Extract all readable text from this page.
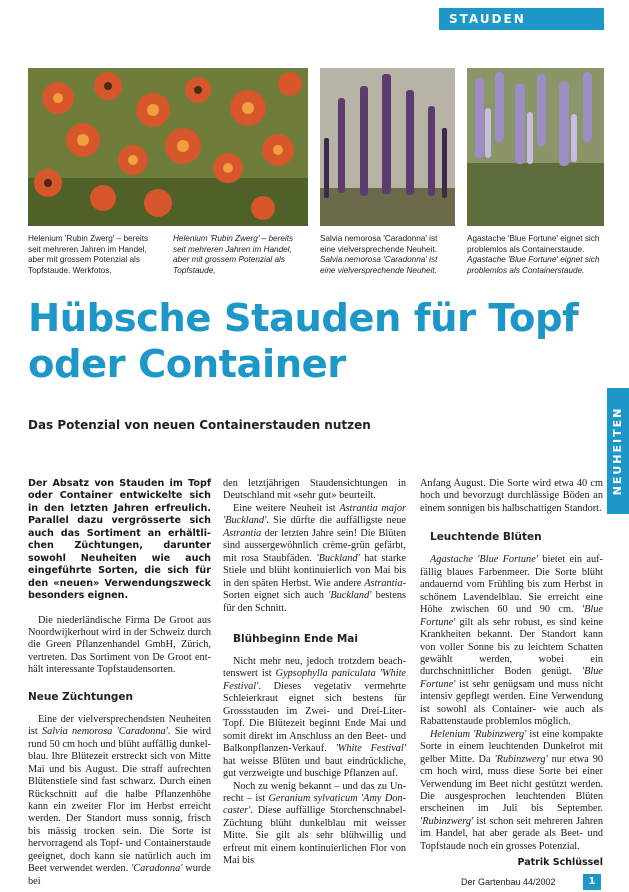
STAUDEN
NEUHEITEN
Helenium 'Rubin Zwerg' – bereits seit mehreren Jahren im Handel, aber mit grossem Potenzial als Topfstaude. Werkfotos.
Helenium 'Rubin Zwerg' – bereits seit mehreren Jahren im Handel, aber mit grossem Potenzial als Topfstaude,
Salvia nemorosa 'Caradonna' ist eine vielversprechende Neuheit. Salvia nemorosa 'Caradonna' ist eine vielversprechende Neuheit.
Agastache 'Blue Fortune' eignet sich problemlos als Containerstaude. Agastache 'Blue Fortune' eignet sich problemlos als Containerstaude.
Hübsche Stauden für Topf oder Container
Das Potenzial von neuen Containerstauden nutzen

Der Absatz von Stauden im Topf oder Container entwickelte sich in den letzten Jahren erfreulich. Parallel dazu vergrösserte sich auch das Sortiment an erhältlichen Züchtungen, darunter sowohl Neuheiten wie auch eingeführte Sorten, die sich für den «neuen» Verwendungszweck besonders eignen.

Die niederländische Firma De Groot aus Noordwijkerhout wird in der Schweiz durch die Green Pflanzenhandel GmbH, Zürich, vertreten. Das Sortiment von De Groot enthält interessante Topfstaudensorten.

Neue Züchtungen

Eine der vielversprechendsten Neuheiten ist Salvia nemorosa 'Caradonna'. Sie wird rund 50 cm hoch und blüht auffällig dunkelblau. Ihre Blütezeit erstreckt sich von Mitte Mai und bis August. Die straff aufrechten Blütenstiele sind fast schwarz. Durch einen Rückschnitt auf die halbe Pflanzenhöhe kann ein zweiter Flor im Herbst erreicht werden. Der Standort muss sonnig, frisch bis mässig trocken sein. Die Sorte ist hervorragend als Topf- und Containerstaude geeignet, doch kann sie natürlich auch im Beet verwendet werden. 'Caradonna' wurde bei

den letztjährigen Staudensichtungen in Deutschland mit «sehr gut» beurteilt.

Eine weitere Neuheit ist Astrantia major 'Buckland'. Sie dürfte die auffälligste neue Astrantia der letzten Jahre sein! Die Blüten sind aussergewöhnlich crème-grün gefärbt, mit rosa Staubfäden. 'Buckland' hat starke Stiele und blüht kontinuierlich von Mai bis in den späten Herbst. Wie andere Astrantia-Sorten eignet sich auch 'Buckland' bestens für den Schnitt.

Blühbeginn Ende Mai

Nicht mehr neu, jedoch trotzdem beachtenswert ist Gypsophylla paniculata 'White Festival'. Dieses vegetativ vermehrte Schleierkraut eignet sich bestens für Grossstauden im Zwei- und Drei-Liter-Topf. Die Blütezeit beginnt Ende Mai und somit direkt im Anschluss an den Beet- und Balkonpflanzen-Verkauf. 'White Festival' hat weisse Blüten und baut eindrückliche, gut verzweigte und buschige Pflanzen auf.

Noch zu wenig bekannt – und das zu Unrecht – ist Geranium sylvaticum 'Amy Doncaster'. Diese auffällige Storchenschnabel-Züchtung blüht dunkelblau mit weisser Mitte. Sie gilt als sehr blühwillig und erfreut mit einem kontinuierlichen Flor von Mai bis

Anfang August. Die Sorte wird etwa 40 cm hoch und bevorzugt durchlässige Böden an einem sonnigen bis halbschattigen Standort.

Leuchtende Blüten

Agastache 'Blue Fortune' bietet ein auffällig blaues Farbenmeer. Die Sorte blüht andauernd vom Frühling bis zum Herbst in schönem Lavendelblau. Sie erreicht eine Höhe zwischen 60 und 90 cm. 'Blue Fortune' gilt als sehr robust, es sind keine Krankheiten bekannt. Der Standort kann von voller Sonne bis zu leichtem Schatten gewählt werden, wobei ein durchschnittlicher Boden genügt. 'Blue Fortune' ist sehr genügsam und muss nicht intensiv gepflegt werden. Eine Verwendung ist sowohl als Container- wie auch als Rabattenstaude problemlos möglich.

Helenium 'Rubinzwerg' ist eine kompakte Sorte in einem leuchtenden Dunkelrot mit gelber Mitte. Da 'Rubinzwerg' nur etwa 90 cm hoch wird, muss diese Sorte bei einer Verwendung im Beet nicht gestützt werden. Die ausgesprochen leuchtenden Blüten erscheinen im Juli bis September. 'Rubinzwerg' ist schon seit mehreren Jahren im Handel, hat aber gerade als Beet- und Topfstaude noch ein grosses Potenzial.

Patrik Schlüssel

Der Gartenbau 44/2002	1
